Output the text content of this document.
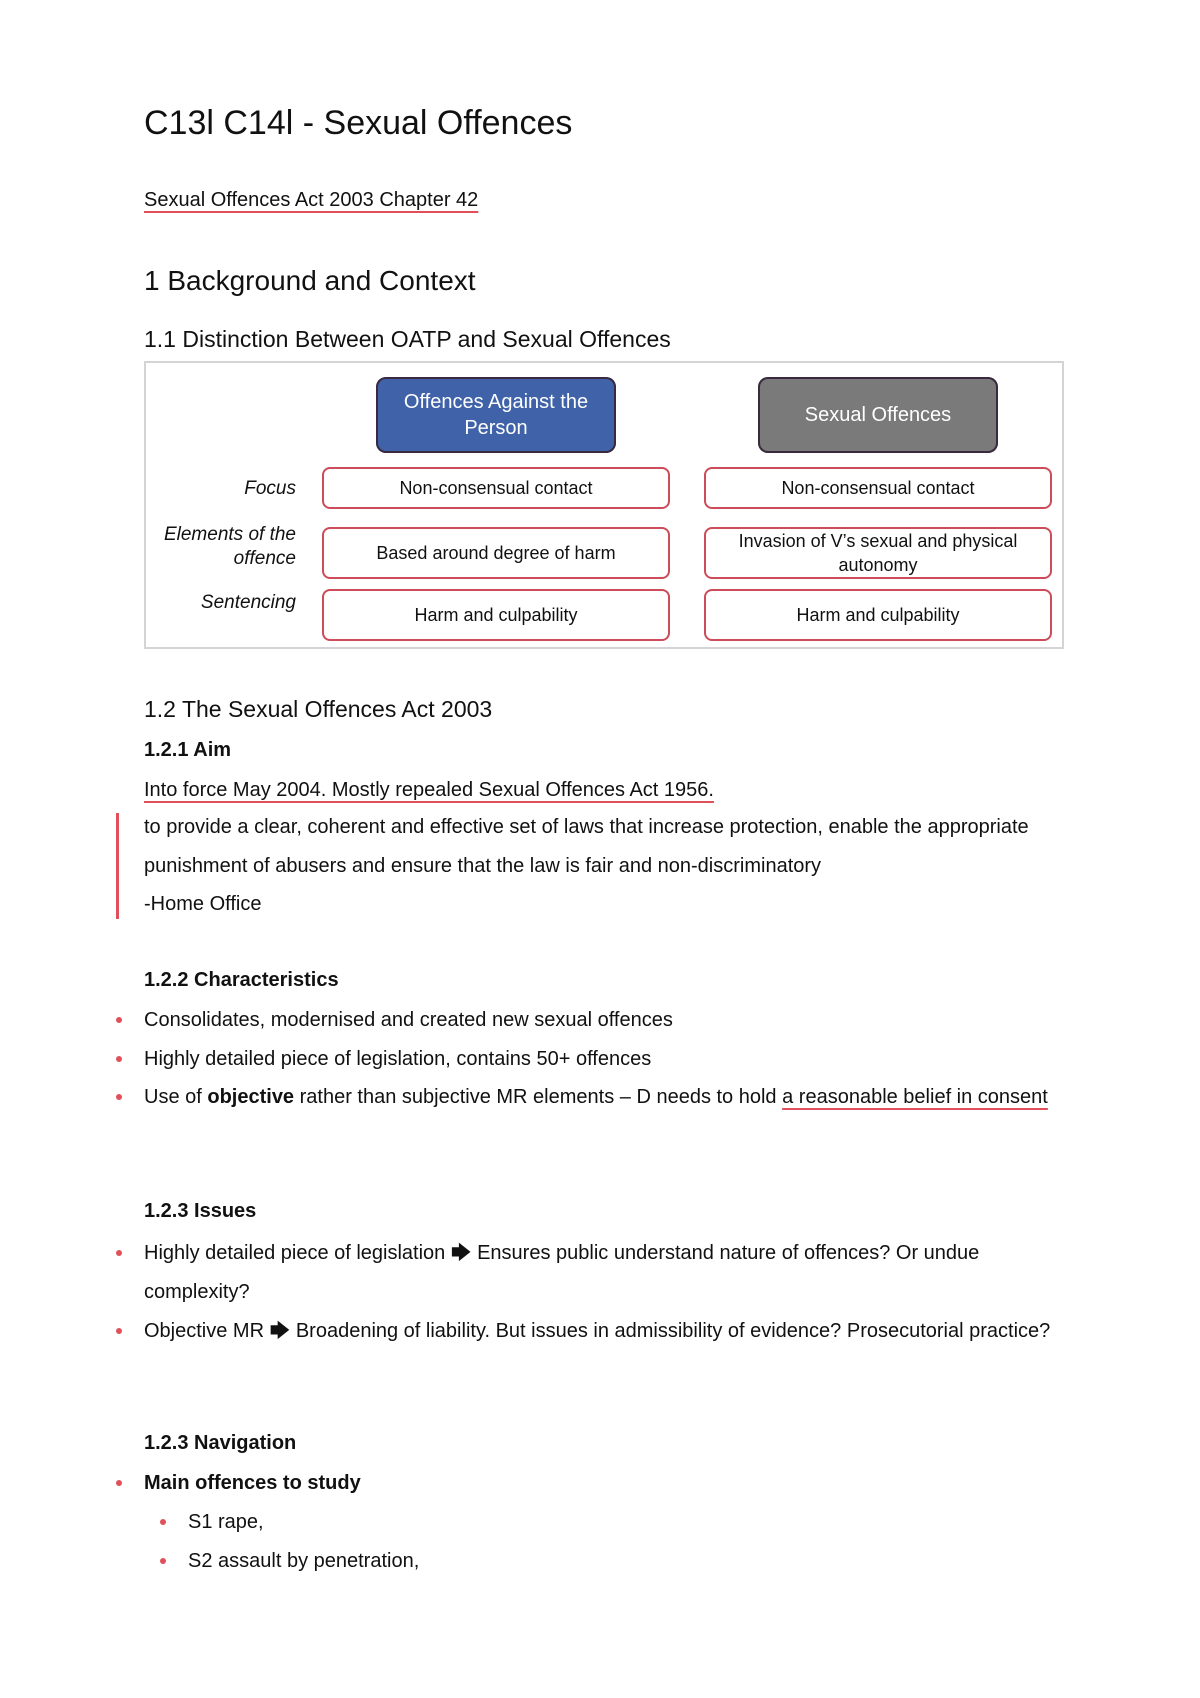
C13l C14l - Sexual Offences
Sexual Offences Act 2003 Chapter 42
1 Background and Context
1.1 Distinction Between OATP and Sexual Offences
Offences Against the Person
Sexual Offences
Focus
Elements of the offence
Sentencing
Non-consensual contact	Non-consensual contact
Based around degree of harm
Invasion of V’s sexual and physical autonomy
Harm and culpability	Harm and culpability
1.2 The Sexual Offences Act 2003
1.2.1 Aim
Into force May 2004. Mostly repealed Sexual Offences Act 1956.
to provide a clear, coherent and effective set of laws that increase protection, enable the appropriate punishment of abusers and ensure that the law is fair and non-discriminatory
-Home Office
1.2.2 Characteristics
Consolidates, modernised and created new sexual offences
Highly detailed piece of legislation, contains 50+ offences
Use of objective rather than subjective MR elements – D needs to hold a reasonable belief in consent
1.2.3 Issues
Highly detailed piece of legislation 🡆 Ensures public understand nature of offences? Or undue complexity?
Objective MR 🡆 Broadening of liability. But issues in admissibility of evidence? Prosecutorial practice?
1.2.3 Navigation
Main offences to study
S1 rape,
S2 assault by penetration,
